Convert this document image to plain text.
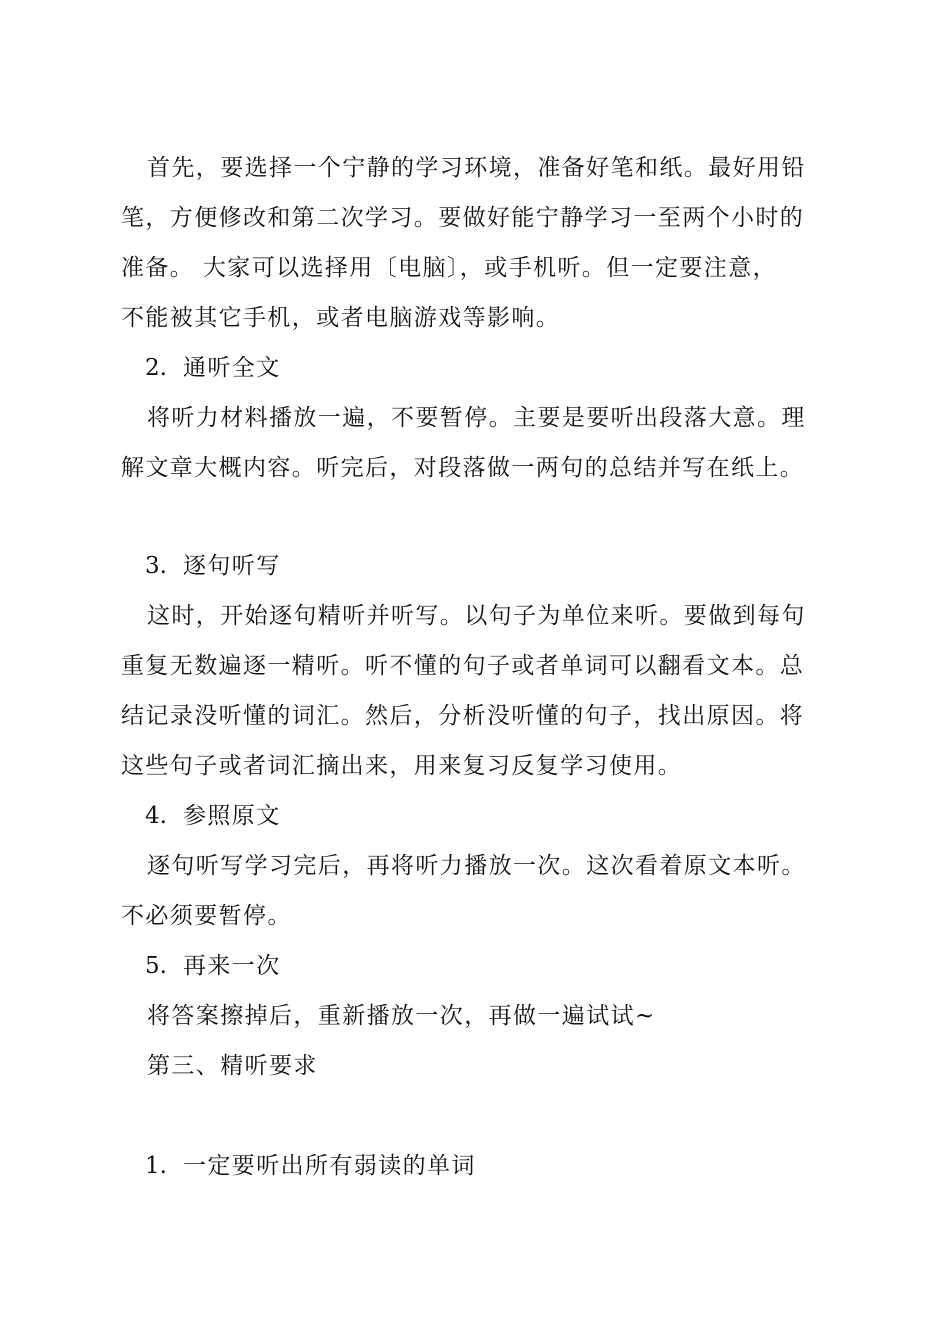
首先，要选择一个宁静的学习环境，准备好笔和纸。最好用铅
笔，方便修改和第二次学习。要做好能宁静学习一至两个小时的
准备。 大家可以选择用〔电脑〕，或手机听。但一定要注意，
不能被其它手机，或者电脑游戏等影响。
2. 通听全文
将听力材料播放一遍，不要暂停。主要是要听出段落大意。理
解文章大概内容。听完后，对段落做一两句的总结并写在纸上。
3. 逐句听写
这时，开始逐句精听并听写。以句子为单位来听。要做到每句
重复无数遍逐一精听。听不懂的句子或者单词可以翻看文本。总
结记录没听懂的词汇。然后，分析没听懂的句子，找出原因。将
这些句子或者词汇摘出来，用来复习反复学习使用。
4. 参照原文
逐句听写学习完后，再将听力播放一次。这次看着原文本听。
不必须要暂停。
5. 再来一次
将答案擦掉后，重新播放一次，再做一遍试试~
第三、精听要求
1. 一定要听出所有弱读的单词
